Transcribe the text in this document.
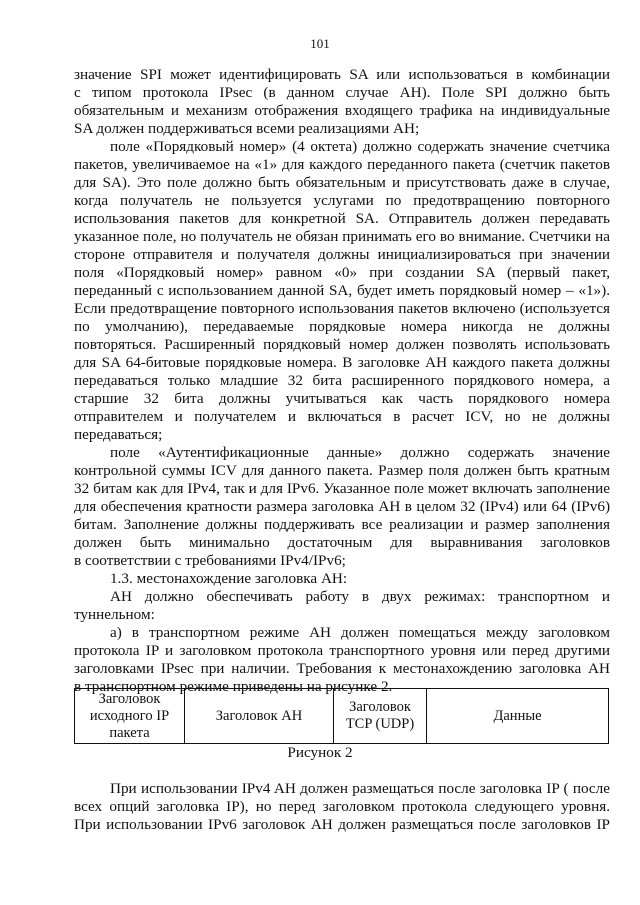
101
значение SPI может идентифицировать SA или использоваться в комбинации
с типом протокола IPsec (в данном случае AH). Поле SPI должно быть
обязательным и механизм отображения входящего трафика на индивидуальные
SA должен поддерживаться всеми реализациями AH;
поле «Порядковый номер» (4 октета) должно содержать значение счетчика
пакетов, увеличиваемое на «1» для каждого переданного пакета (счетчик пакетов
для SA). Это поле должно быть обязательным и присутствовать даже в случае,
когда получатель не пользуется услугами по предотвращению повторного
использования пакетов для конкретной SA. Отправитель должен передавать
указанное поле, но получатель не обязан принимать его во внимание. Счетчики на
стороне отправителя и получателя должны инициализироваться при значении
поля «Порядковый номер» равном «0» при создании SA (первый пакет,
переданный с использованием данной SA, будет иметь порядковый номер – «1»).
Если предотвращение повторного использования пакетов включено (используется
по умолчанию), передаваемые порядковые номера никогда не должны
повторяться. Расширенный порядковый номер должен позволять использовать
для SA 64-битовые порядковые номера. В заголовке AH каждого пакета должны
передаваться только младшие 32 бита расширенного порядкового номера, а
старшие 32 бита должны учитываться как часть порядкового номера
отправителем и получателем и включаться в расчет ICV, но не должны
передаваться;
поле «Аутентификационные данные» должно содержать значение
контрольной суммы ICV для данного пакета. Размер поля должен быть кратным
32 битам как для IPv4, так и для IPv6. Указанное поле может включать заполнение
для обеспечения кратности размера заголовка AH в целом 32 (IPv4) или 64 (IPv6)
битам. Заполнение должны поддерживать все реализации и размер заполнения
должен быть минимально достаточным для выравнивания заголовков
в соответствии с требованиями IPv4/IPv6;
1.3. местонахождение заголовка AH:
AH должно обеспечивать работу в двух режимах: транспортном и
туннельном:
а) в транспортном режиме AH должен помещаться между заголовком
протокола IP и заголовком протокола транспортного уровня или перед другими
заголовками IPsec при наличии. Требования к местонахождению заголовка AH
в транспортном режиме приведены на рисунке 2.
Заголовок исходного IP пакета	Заголовок AH	Заголовок TCP (UDP)	Данные
Рисунок 2
При использовании IPv4 AH должен размещаться после заголовка IP ( после
всех опций заголовка IP), но перед заголовком протокола следующего уровня.
При использовании IPv6 заголовок AH должен размещаться после заголовков IP
